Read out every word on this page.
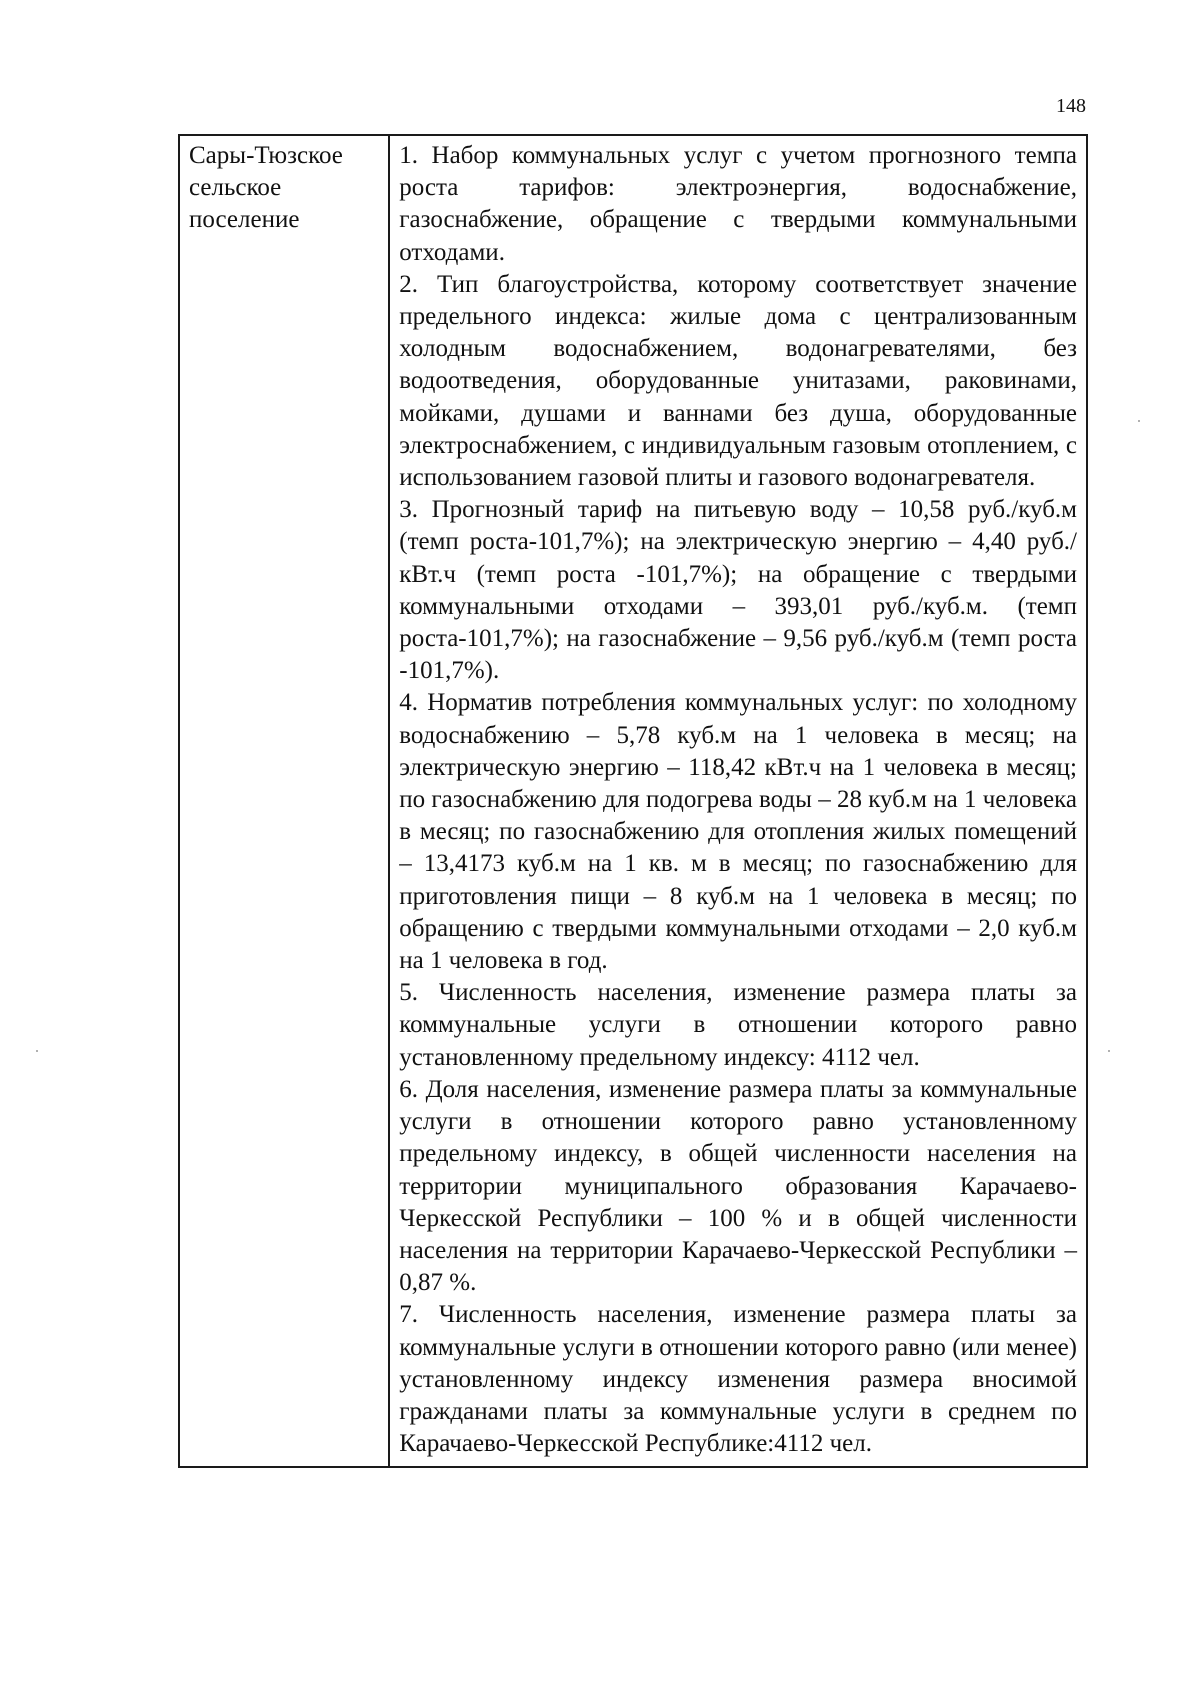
148
Сары-Тюзское сельское поселение	

1. Набор коммунальных услуг с учетом прогнозного темпа роста тарифов: электроэнергия, водоснабжение, газоснабжение, обращение с твердыми коммунальными отходами.

2. Тип благоустройства, которому соответствует значение предельного индекса: жилые дома с централизованным холодным водоснабжением, водонагревателями, без водоотведения, оборудованные унитазами, раковинами, мойками, душами и ваннами без душа, оборудованные электроснабжением, с индивидуальным газовым отоплением, с использованием газовой плиты и газового водонагревателя.

3. Прогнозный тариф на питьевую воду – 10,58 руб./куб.м (темп роста-101,7%); на электрическую энергию – 4,40 руб./кВт.ч (темп роста -101,7%); на обращение с твердыми коммунальными отходами – 393,01 руб./куб.м. (темп роста-101,7%); на газоснабжение – 9,56 руб./куб.м (темп роста -101,7%).

4. Норматив потребления коммунальных услуг: по холодному водоснабжению – 5,78 куб.м на 1 человека в месяц; на электрическую энергию – 118,42 кВт.ч на 1 человека в месяц; по газоснабжению для подогрева воды – 28 куб.м на 1 человека в месяц; по газоснабжению для отопления жилых помещений – 13,4173 куб.м на 1 кв. м в месяц; по газоснабжению для приготовления пищи – 8 куб.м на 1 человека в месяц; по обращению с твердыми коммунальными отходами – 2,0 куб.м на 1 человека в год.

5. Численность населения, изменение размера платы за коммунальные услуги в отношении которого равно установленному предельному индексу: 4112 чел.

6. Доля населения, изменение размера платы за коммунальные услуги в отношении которого равно установленному предельному индексу, в общей численности населения на территории муниципального образования Карачаево-Черкесской Республики – 100 % и в общей численности населения на территории Карачаево-Черкесской Республики – 0,87 %.

7. Численность населения, изменение размера платы за коммунальные услуги в отношении которого равно (или менее) установленному индексу изменения размера вносимой гражданами платы за коммунальные услуги в среднем по Карачаево-Черкесской Республике:4112 чел.
